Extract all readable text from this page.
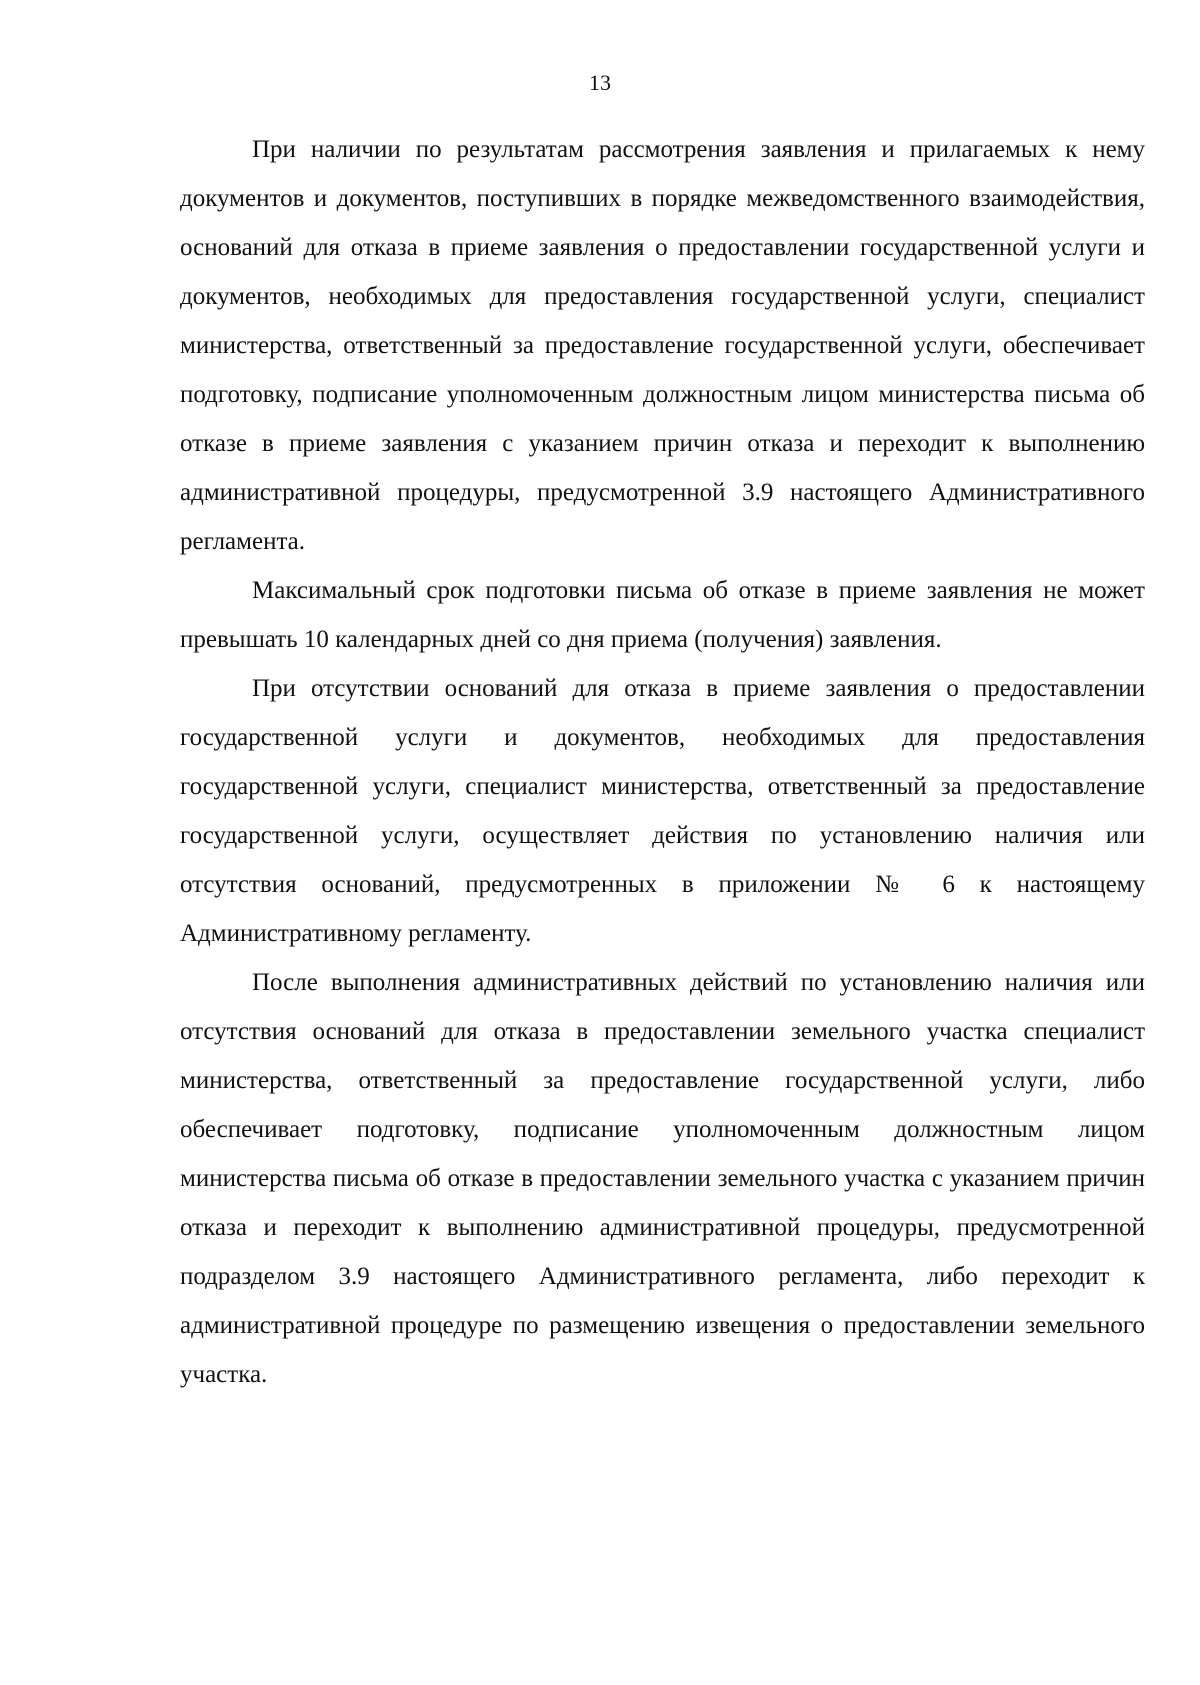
13

При наличии по результатам рассмотрения заявления и прилагаемых к нему документов и документов, поступивших в порядке межведомственного взаимодействия, оснований для отказа в приеме заявления о предоставлении государственной услуги и документов, необходимых для предоставления государственной услуги, специалист министерства, ответственный за предоставление государственной услуги, обеспечивает подготовку, подписание уполномоченным должностным лицом министерства письма об отказе в приеме заявления с указанием причин отказа и переходит к выполнению административной процедуры, предусмотренной 3.9 настоящего Административного регламента.

Максимальный срок подготовки письма об отказе в приеме заявления не может превышать 10 календарных дней со дня приема (получения) заявления.

При отсутствии оснований для отказа в приеме заявления о предоставлении государственной услуги и документов, необходимых для предоставления государственной услуги, специалист министерства, ответственный за предоставление государственной услуги, осуществляет действия по установлению наличия или отсутствия оснований, предусмотренных в приложении № 6 к настоящему Административному регламенту.

После выполнения административных действий по установлению наличия или отсутствия оснований для отказа в предоставлении земельного участка специалист министерства, ответственный за предоставление государственной услуги, либо обеспечивает подготовку, подписание уполномоченным должностным лицом министерства письма об отказе в предоставлении земельного участка с указанием причин отказа и переходит к выполнению административной процедуры, предусмотренной подразделом 3.9 настоящего Административного регламента, либо переходит к административной процедуре по размещению извещения о предоставлении земельного участка.
